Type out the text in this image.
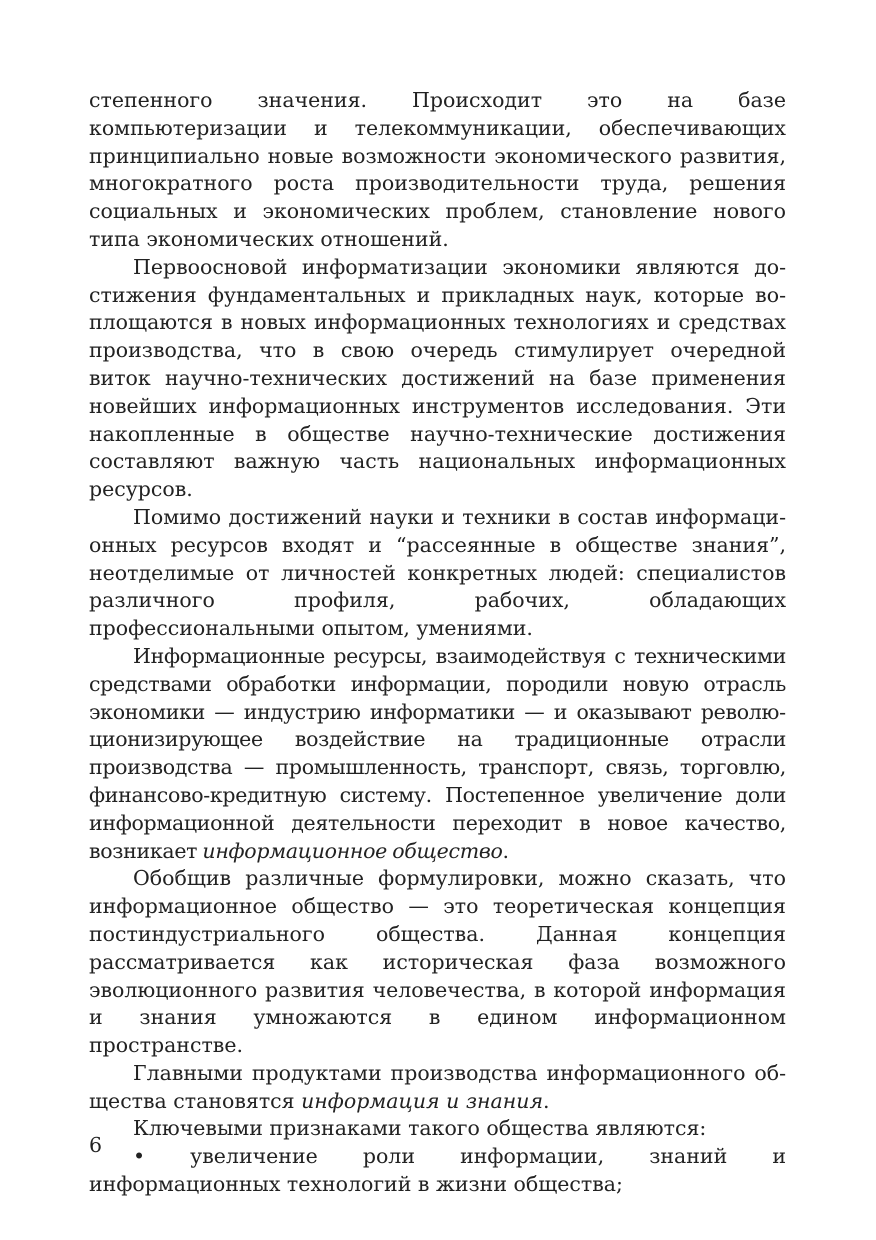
степенного значения. Происходит это на базе компьютеризации и телекоммуникации, обеспечивающих принципиально новые возможности экономического развития, многократного роста производительности труда, решения социальных и экономических проблем, становление нового типа экономических отношений.

Первоосновой информатизации экономики являются достижения фундаментальных и прикладных наук, которые воплощаются в новых информационных технологиях и средствах производства, что в свою очередь стимулирует очередной виток научно-технических достижений на базе применения новейших информационных инструментов исследования. Эти накопленные в обществе научно-технические достижения составляют важную часть национальных информационных ресурсов.

Помимо достижений науки и техники в состав информационных ресурсов входят и “рассеянные в обществе знания”, неотделимые от личностей конкретных людей: специалистов различного профиля, рабочих, обладающих профессиональными опытом, умениями.

Информационные ресурсы, взаимодействуя с техническими средствами обработки информации, породили новую отрасль экономики — индустрию информатики — и оказывают революционизирующее воздействие на традиционные отрасли производства — промышленность, транспорт, связь, торговлю, финансово-кредитную систему. Постепенное увеличение доли информационной деятельности переходит в новое качество, возникает информационное общество.

Обобщив различные формулировки, можно сказать, что информационное общество — это теоретическая концепция постиндустриального общества. Данная концепция рассматривается как историческая фаза возможного эволюционного развития человечества, в которой информация и знания умножаются в едином информационном пространстве.

Главными продуктами производства информационного общества становятся информация и знания.

Ключевыми признаками такого общества являются:

• увеличение роли информации, знаний и информационных технологий в жизни общества;

6
